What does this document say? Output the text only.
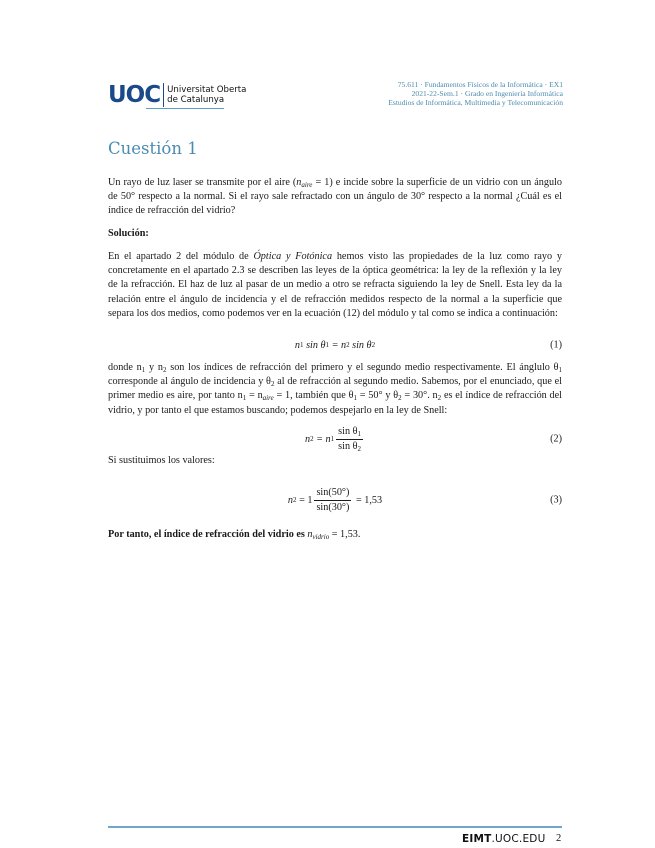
UOC Universitat Oberta
de Catalunya
75.611 · Fundamentos Físicos de la Informática · EX1
2021-22-Sem.1 · Grado en Ingeniería Informática
Estudios de Informática, Multimedia y Telecomunicación
Cuestión 1

Un rayo de luz laser se transmite por el aire $(n_{aire} = 1)$ e incide sobre la superficie de un vidrio con un ángulo de 50° respecto a la normal. Si el rayo sale refractado con un ángulo de 30° respecto a la normal ¿Cuál es el índice de refracción del vidrio?

Solución:

En el apartado 2 del módulo de Óptica y Fotónica hemos visto las propiedades de la luz como rayo y concretamente en el apartado 2.3 se describen las leyes de la óptica geométrica: la ley de la reflexión y la ley de la refracción. El haz de luz al pasar de un medio a otro se refracta siguiendo la ley de Snell. Esta ley da la relación entre el ángulo de incidencia y el de refracción medidos respecto de la normal a la superficie que separa los dos medios, como podemos ver en la ecuación (12) del módulo y tal como se indica a continuación:

n 1 sin θ 1 = n 2 sin θ 2	(1)

donde $n_1$ y $n_2$ son los índices de refracción del primero y el segundo medio respectivamente. El ánglulo $\theta_1$ corresponde al ángulo de incidencia y $\theta_2$ al de refracción al segundo medio. Sabemos, por el enunciado, que el primer medio es aire, por tanto $n_1 = n_{aire} = 1$, también que $\theta_1 = 50^\circ$ y $\theta_2 = 30^\circ$. $n_2$ es el índice de refracción del vidrio, y por tanto el que estamos buscando; podemos despejarlo en la ley de Snell:

n 2 = n $1 \frac{\sin \theta_1}{\sin \theta_2}$	(2)

Si sustituimos los valores:

n $2 = 1 \frac{\sin(50^\circ)}{\sin(30^\circ)} = 1,53$	(3)

Por tanto, el índice de refracción del vidrio es $n_{vidrio} = 1,53$.

EIMT.UOC.EDU 2
